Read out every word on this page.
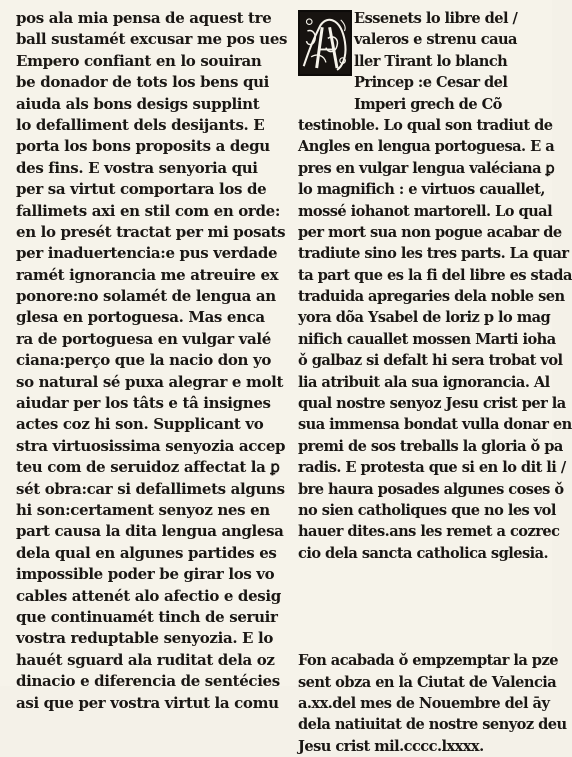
pos ala mia pensa de aquest tre
ball sustamét excusar me pos ues
Empero confiant en lo souiran
be donador de tots los bens qui
aiuda als bons desigs supplint
lo defalliment dels desijants. E
porta los bons proposits a degu
des fins. E vostra senyoria qui
per sa virtut comportara los de
fallimets axi en stil com en orde:
en lo presét tractat per mi posats
per inaduertencia:e pus verdade
ramét ignorancia me atreuire ex
ponore:no solamét de lengua an
glesa en portoguesa. Mas enca
ra de portoguesa en vulgar valé
ciana:perço que la nacio don yo
so natural sé puxa alegrar e molt
aiudar per los tâts e tâ insignes
actes coz hi son. Supplicant vo
stra virtuosissima senyozia accep
teu com de seruidoz affectat la ꝑ
sét obra:car si defallimets alguns
hi son:certament senyoz nes en
part causa la dita lengua anglesa
dela qual en algunes partides es
impossible poder be girar los vo
cables attenét alo afectio e desig
que continuamét tinch de seruir
vostra reduptable senyozia. E lo
hauét sguard ala ruditat dela oz
dinacio e diferencia de sentécies
asi que per vostra virtut la comu
Essenets lo libre del /
valeros e strenu caua
ller Tirant lo blanch
Princep :e Cesar del
Imperi grech de Cõ
testinoble. Lo qual son tradiut de
Angles en lengua portoguesa. E a
pres en vulgar lengua valéciana ꝑ
lo magnifich : e virtuos cauallet,
mossé iohanot martorell. Lo qual
per mort sua non pogue acabar de
tradiute sino les tres parts. La quar
ta part que es la fi del libre es stada
traduida apregaries dela noble sen
yora dõa Ysabel de loriz p lo mag
nifich cauallet mossen Marti ioha
ǒ galbaz si defalt hi sera trobat vol
lia atribuit ala sua ignorancia. Al
qual nostre senyoz Jesu crist per la
sua immensa bondat vulla donar en
premi de sos treballs la gloria ǒ pa
radis. E protesta que si en lo dit li /
bre haura posades algunes coses ǒ
no sien catholiques que no les vol
hauer dites.ans les remet a cozrec
cio dela sancta catholica sglesia.
Fon acabada ǒ empzemptar la pze
sent obza en la Ciutat de Valencia
a.xx.del mes de Nouembre del āy
dela natiuitat de nostre senyoz deu
Jesu crist mil.cccc.lxxxx.
